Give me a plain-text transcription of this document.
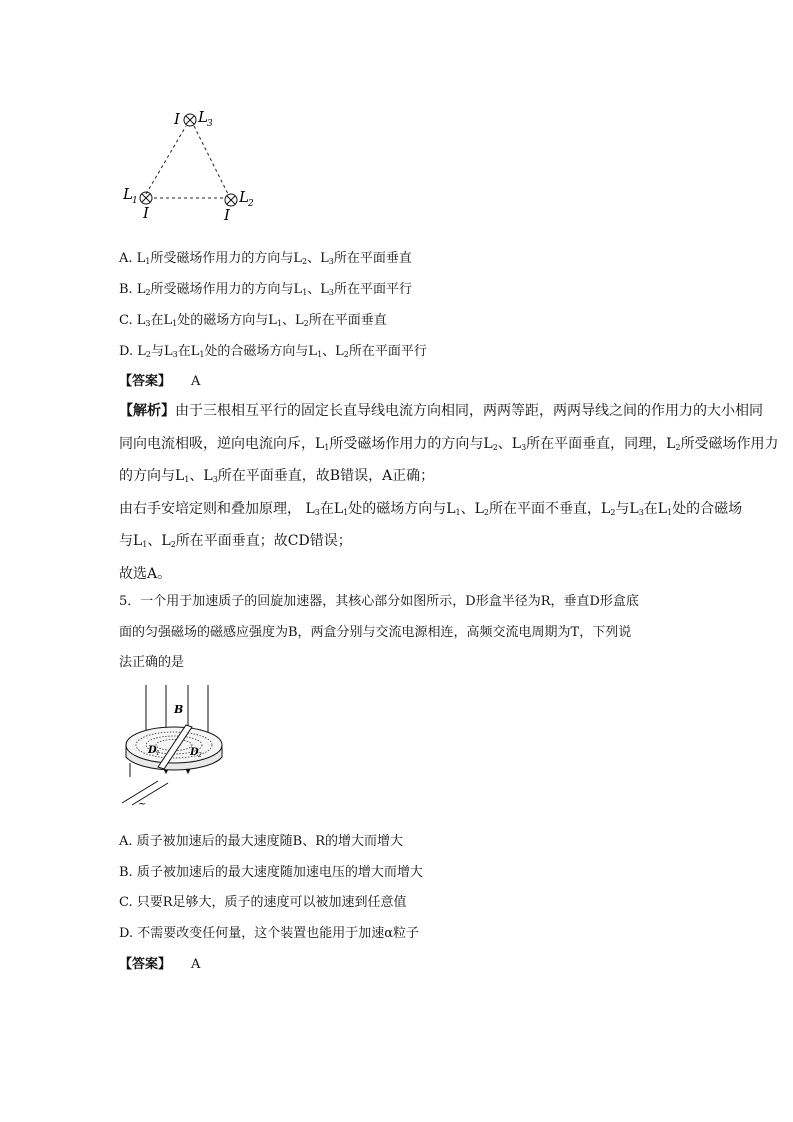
I L 3
L 1
I
L 2
I
A. $L_1$所受磁场作用力的方向与$L_2$、$L_3$所在平面垂直
B. $L_2$所受磁场作用力的方向与$L_1$、$L_3$所在平面平行
C. $L_3$在$L_1$处的磁场方向与$L_1$、$L_2$所在平面垂直
D. $L_2$与$L_3$在$L_1$处的合磁场方向与$L_1$、$L_2$所在平面平行
【答案】 A
【解析】由于三根相互平行的固定长直导线电流方向相同，两两等距，两两导线之间的作用力的大小相同
同向电流相吸，逆向电流向斥，$L_1$所受磁场作用力的方向与$L_2$、$L_3$所在平面垂直，同理，$L_2$所受磁场作用力
的方向与$L_1$、$L_3$所在平面垂直，故B错误，A正确；
由右手安培定则和叠加原理， $L_3$在$L_1$处的磁场方向与$L_1$、$L_2$所在平面不垂直，$L_2$与$L_3$在$L_1$处的合磁场
与$L_1$、$L_2$所在平面垂直；故CD错误；
故选A。
5．一个用于加速质子的回旋加速器，其核心部分如图所示，D形盒半径为R，垂直D形盒底
面的匀强磁场的磁感应强度为B，两盒分别与交流电源相连，高频交流电周期为T，下列说
法正确的是
B
D 1	D 2
~
A. 质子被加速后的最大速度随B、R的增大而增大
B. 质子被加速后的最大速度随加速电压的增大而增大
C. 只要R足够大，质子的速度可以被加速到任意值
D. 不需要改变任何量，这个装置也能用于加速α粒子
【答案】 A
